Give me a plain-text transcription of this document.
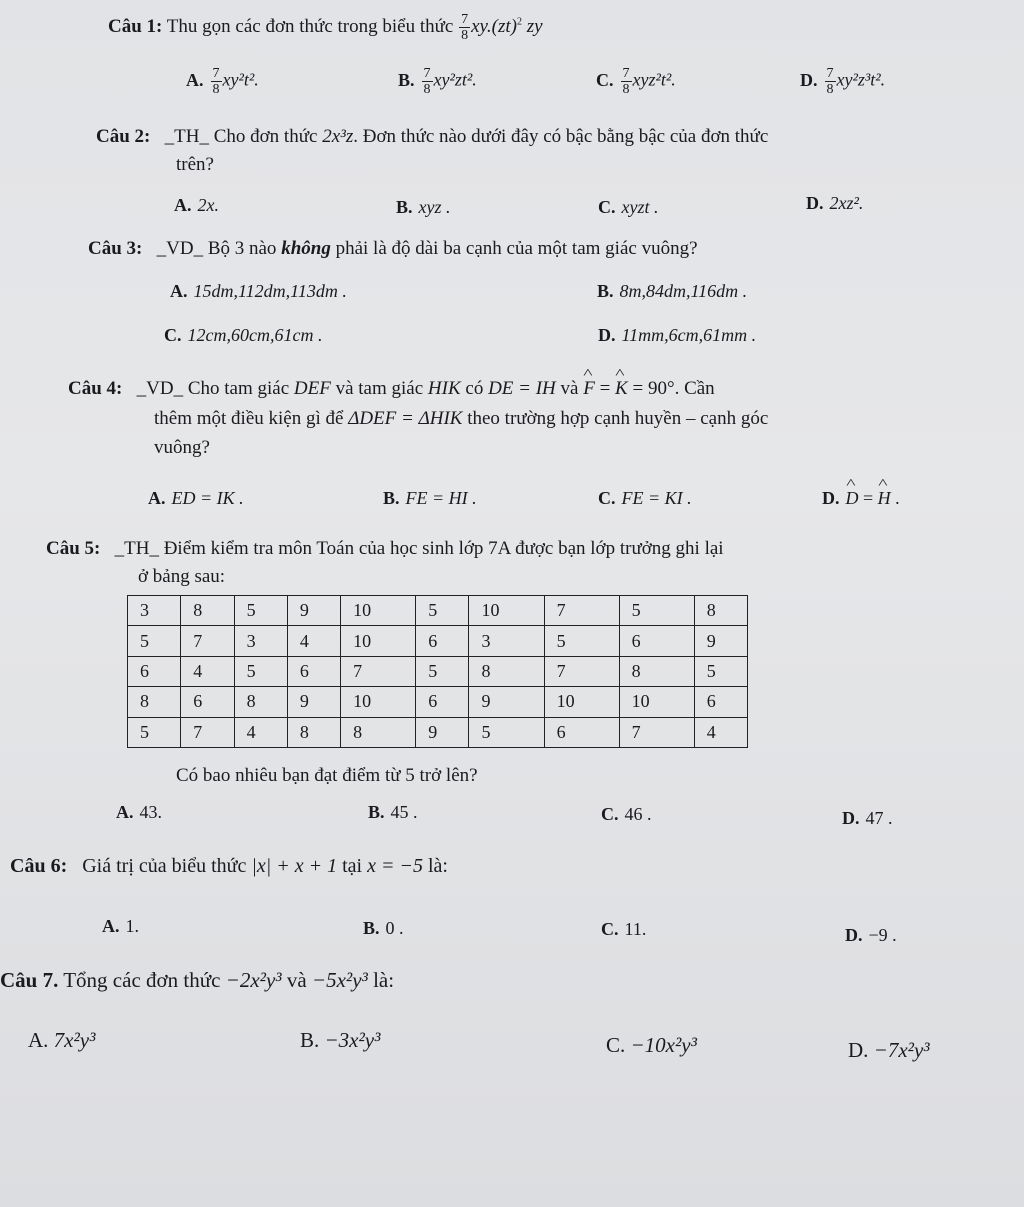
Câu 1: Thu gọn các đơn thức trong biểu thức $\frac{7}{8} xy.(zt)^2$ zy
A. $\frac{7}{8} xy^2t^2$.	B. $\frac{7}{8} xy^2zt^2$.	C. $\frac{7}{8} xyz^2t^2$.	D. $\frac{7}{8} xy^2z^3t^2$.
Câu 2: _TH_ Cho đơn thức 2x³z. Đơn thức nào dưới đây có bậc bằng bậc của đơn thức
trên?
A. 2x.	B. xyz .	C. xyzt .	D. 2xz².
Câu 3: _VD_ Bộ 3 nào không phải là độ dài ba cạnh của một tam giác vuông?
A. 15dm,112dm,113dm .	B. 8m,84dm,116dm .
C. 12cm,60cm,61cm .	D. 11mm,6cm,61mm .
Câu 4: _VD_ Cho tam giác DEF và tam giác HIK có DE = IH và ^ F = ^ K = 90°. Cần
thêm một điều kiện gì để ΔDEF = ΔHIK theo trường hợp cạnh huyền – cạnh góc
vuông?
A. ED = IK .	B. FE = HI .	C. FE = KI .	D. ^ D = ^ H .
Câu 5: _TH_ Điểm kiểm tra môn Toán của học sinh lớp 7A được bạn lớp trưởng ghi lại
ở bảng sau:
3	8	5	9	10	5	10	7	5	8
5	7	3	4	10	6	3	5	6	9
6	4	5	6	7	5	8	7	8	5
8	6	8	9	10	6	9	10	10	6
5	7	4	8	8	9	5	6	7	4
Có bao nhiêu bạn đạt điểm từ 5 trở lên?
A. 43.	B. 45 .	C. 46 .	D. 47 .
Câu 6: Giá trị của biểu thức |x| + x + 1 tại x = −5 là:
A. 1.	B. 0 .	C. 11.	D. −9 .
Câu 7. Tổng các đơn thức −2x²y³ và −5x²y³ là:
A. 7x²y³	B. −3x²y³	C. −10x²y³	D. −7x²y³
